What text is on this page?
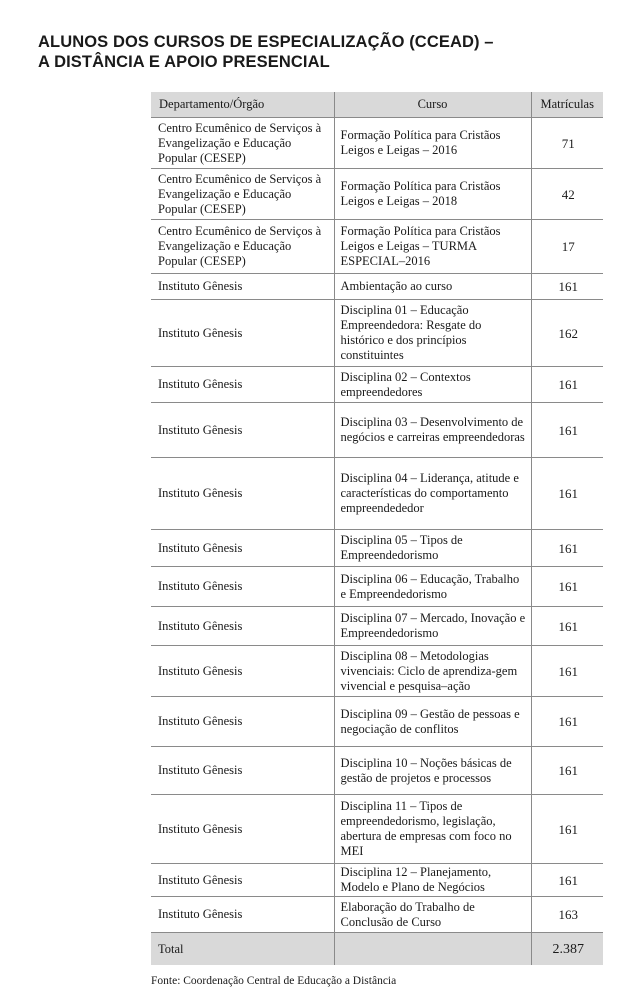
ALUNOS DOS CURSOS DE ESPECIALIZAÇÃO (CCEAD) –
A DISTÂNCIA E APOIO PRESENCIAL
Departamento/Órgão	Curso	Matrículas
Centro Ecumênico de Serviços à Evangelização e Educação Popular (CESEP)	Formação Política para Cristãos Leigos e Leigas – 2016	71
Centro Ecumênico de Serviços à Evangelização e Educação Popular (CESEP)	Formação Política para Cristãos Leigos e Leigas – 2018	42
Centro Ecumênico de Serviços à Evangelização e Educação Popular (CESEP)	Formação Política para Cristãos Leigos e Leigas – TURMA ESPECIAL–2016	17
Instituto Gênesis	Ambientação ao curso	161
Instituto Gênesis	Disciplina 01 – Educação Empreendedora: Resgate do histórico e dos princípios constituintes	162
Instituto Gênesis	Disciplina 02 – Contextos empreendedores	161
Instituto Gênesis	Disciplina 03 – Desenvolvimento de negócios e carreiras empreendedoras	161
Instituto Gênesis	Disciplina 04 – Liderança, atitude e características do comportamento empreendededor	161
Instituto Gênesis	Disciplina 05 – Tipos de Empreendedorismo	161
Instituto Gênesis	Disciplina 06 – Educação, Trabalho e Empreendedorismo	161
Instituto Gênesis	Disciplina 07 – Mercado, Inovação e Empreendedorismo	161
Instituto Gênesis	Disciplina 08 – Metodologias vivenciais: Ciclo de aprendiza-gem vivencial e pesquisa–ação	161
Instituto Gênesis	Disciplina 09 – Gestão de pessoas e negociação de conflitos	161
Instituto Gênesis	Disciplina 10 – Noções básicas de gestão de projetos e processos	161
Instituto Gênesis	Disciplina 11 – Tipos de empreendedorismo, legislação, abertura de empresas com foco no MEI	161
Instituto Gênesis	Disciplina 12 – Planejamento, Modelo e Plano de Negócios	161
Instituto Gênesis	Elaboração do Trabalho de Conclusão de Curso	163
Total		2.387
Fonte: Coordenação Central de Educação a Distância
